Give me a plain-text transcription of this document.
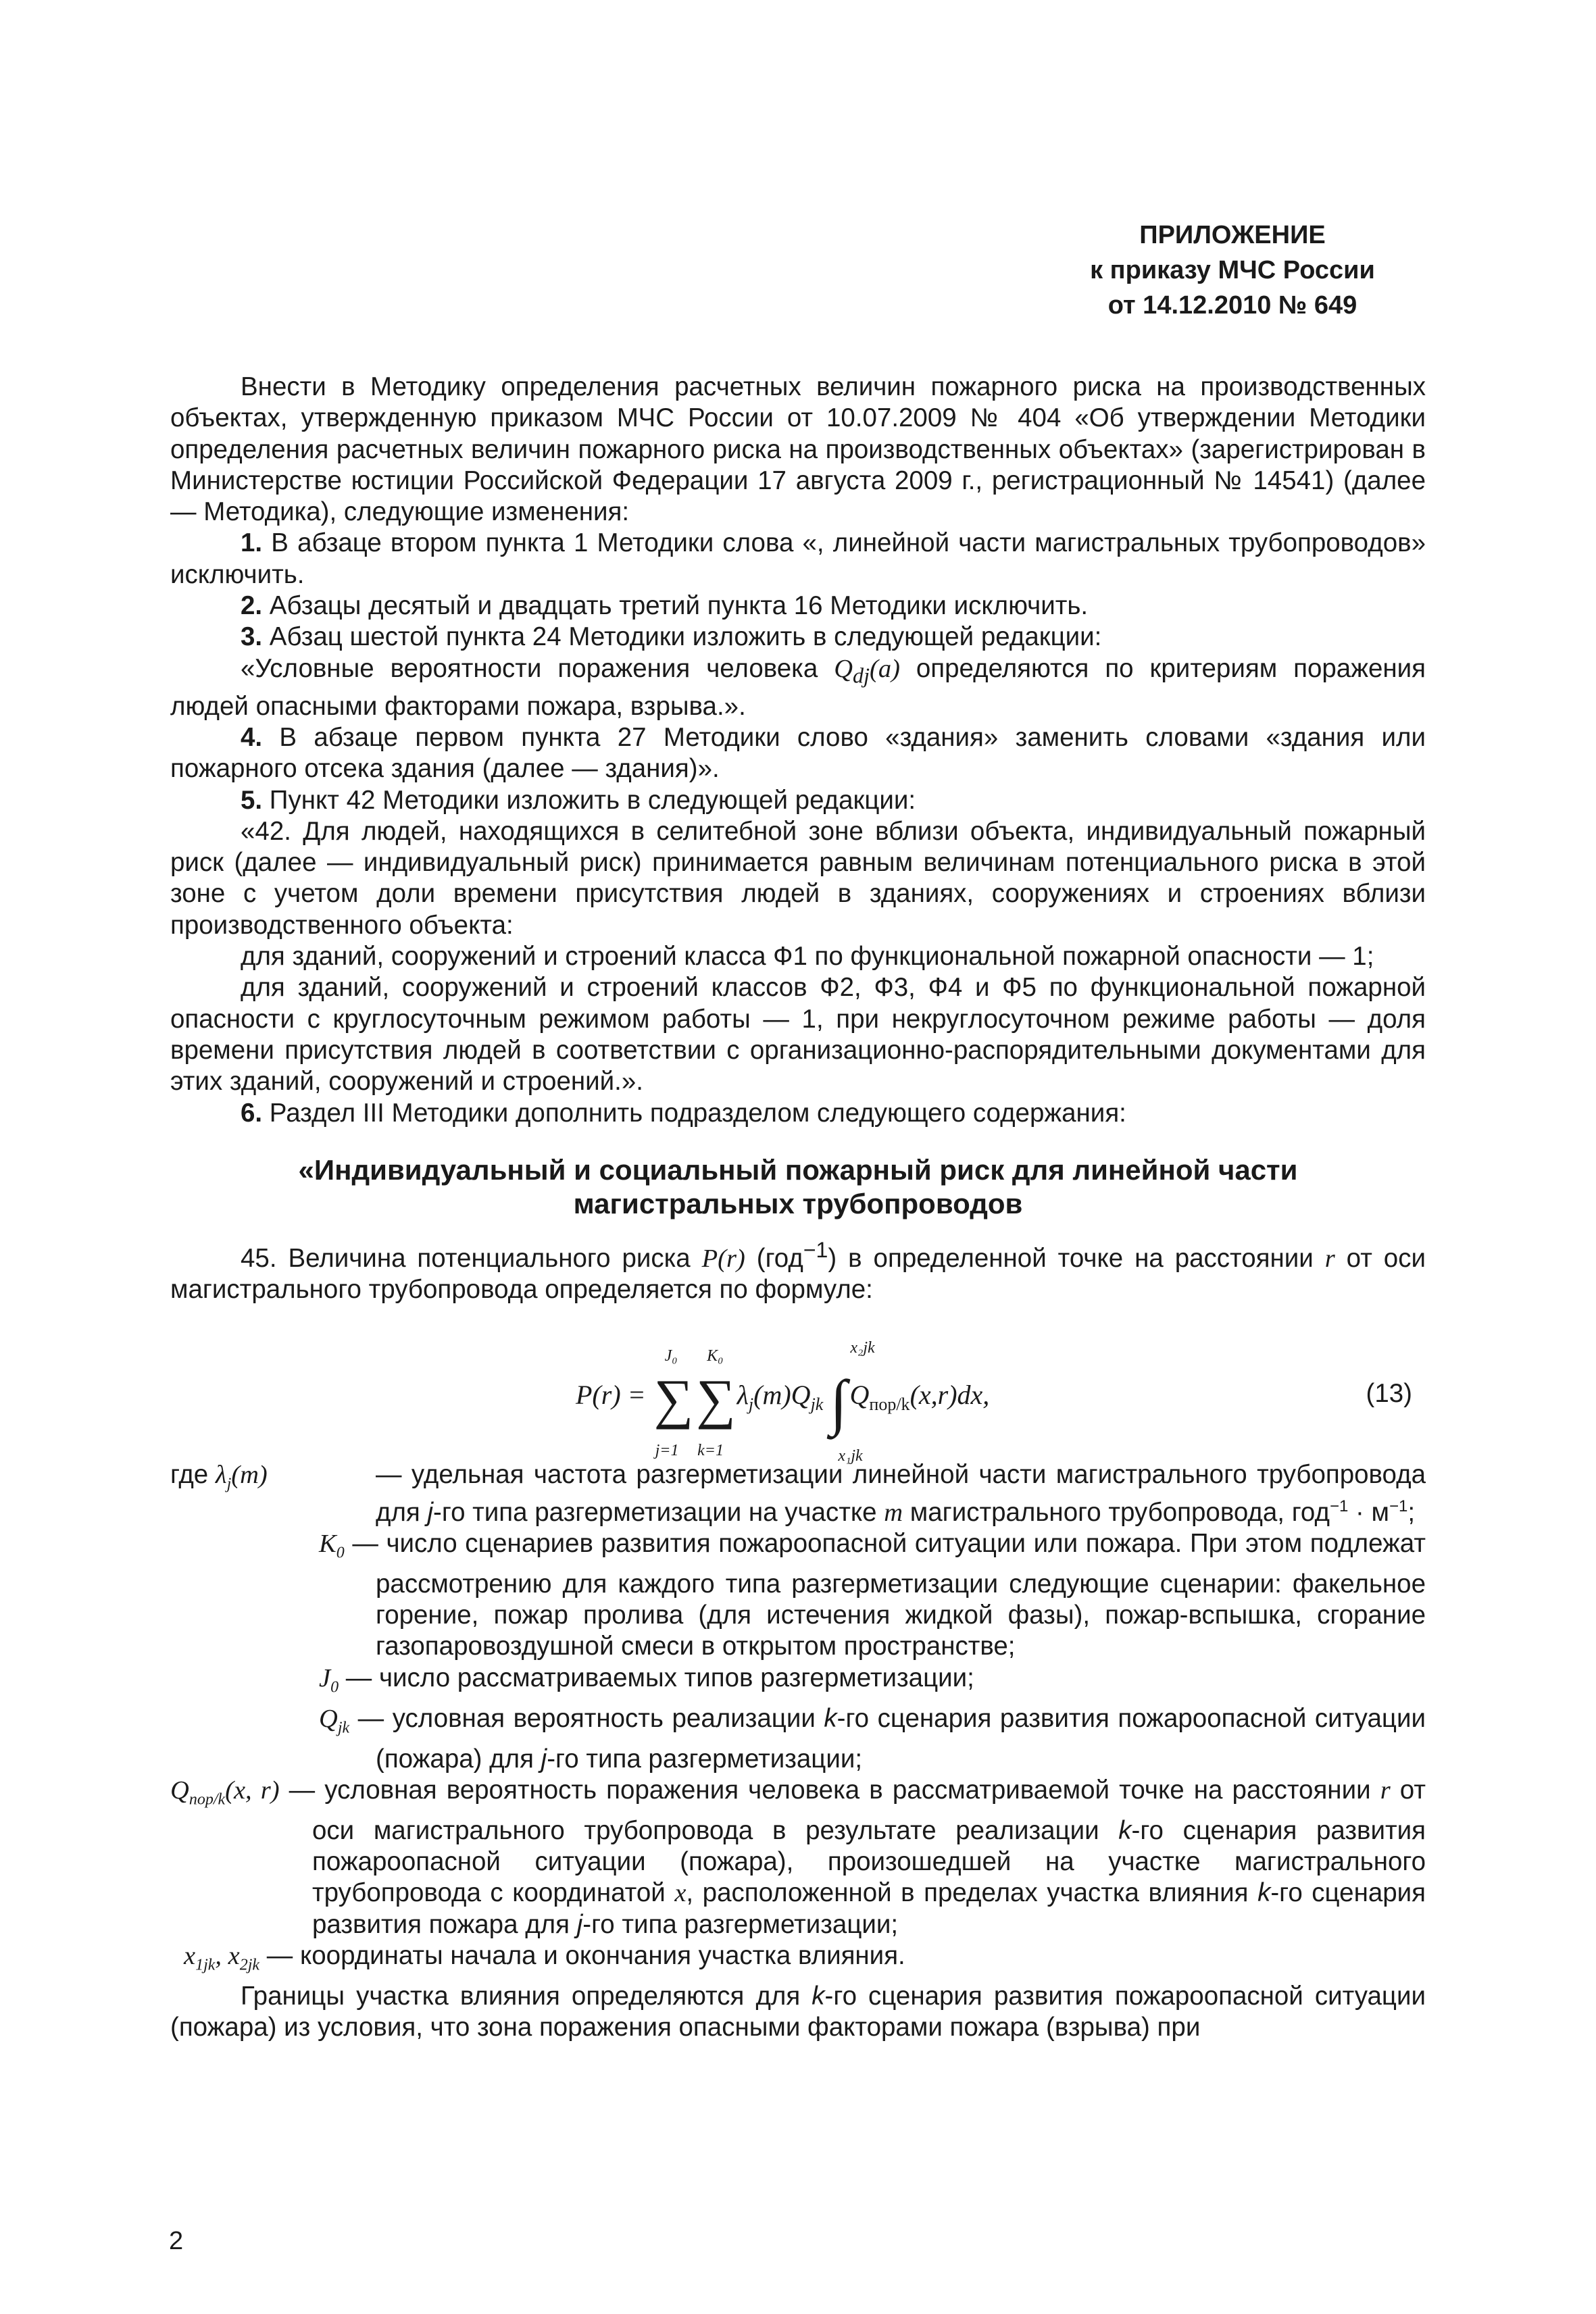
ПРИЛОЖЕНИЕ
к приказу МЧС России
от 14.12.2010 № 649

Внести в Методику определения расчетных величин пожарного риска на производственных объектах, утвержденную приказом МЧС России от 10.07.2009 № 404 «Об утверждении Методики определения расчетных величин пожарного риска на производственных объектах» (зарегистрирован в Министерстве юстиции Российской Федерации 17 августа 2009 г., регистрационный № 14541) (далее — Методика), следующие изменения:

1. В абзаце втором пункта 1 Методики слова «, линейной части магистральных трубопроводов» исключить.

2. Абзацы десятый и двадцать третий пункта 16 Методики исключить.

3. Абзац шестой пункта 24 Методики изложить в следующей редакции:

«Условные вероятности поражения человека $Q_{dj}(a)$ определяются по критериям поражения людей опасными факторами пожара, взрыва.».

4. В абзаце первом пункта 27 Методики слово «здания» заменить словами «здания или пожарного отсека здания (далее — здания)».

5. Пункт 42 Методики изложить в следующей редакции:

«42. Для людей, находящихся в селитебной зоне вблизи объекта, индивидуальный пожарный риск (далее — индивидуальный риск) принимается равным величинам потенциального риска в этой зоне с учетом доли времени присутствия людей в зданиях, сооружениях и строениях вблизи производственного объекта:

для зданий, сооружений и строений класса Ф1 по функциональной пожарной опасности — 1;

для зданий, сооружений и строений классов Ф2, Ф3, Ф4 и Ф5 по функциональной пожарной опасности с круглосуточным режимом работы — 1, при некруглосуточном режиме работы — доля времени присутствия людей в соответствии с организационно-распорядительными документами для этих зданий, сооружений и строений.».

6. Раздел III Методики дополнить подразделом следующего содержания:

«Индивидуальный и социальный пожарный риск для линейной части
магистральных трубопроводов

45. Величина потенциального риска P(r) (год$^{-1}$) в определенной точке на расстоянии r от оси магистрального трубопровода определяется по формуле:

P(r) =
J₀
∑
j=1
K₀
∑
k=1
$\lambda_j(m)Q_{jk}$
x₂jk
∫
x₁jk
$Q_{пор/k}(x,r)dx$,	(13)

где $\lambda_j(m)$	— удельная частота разгерметизации линейной части магистрального трубопровода для j-го типа разгерметизации на участке m магистрального трубопровода, $год^{-1} \cdot м^{-1}$;

$K_0$ — число сценариев развития пожароопасной ситуации или пожара. При этом подлежат рассмотрению для каждого типа разгерметизации следующие сценарии: факельное горение, пожар пролива (для истечения жидкой фазы), пожар-вспышка, сгорание газопаровоздушной смеси в открытом пространстве;

$J_0$ — число рассматриваемых типов разгерметизации;

$Q_{jk}$ — условная вероятность реализации k-го сценария развития пожароопасной ситуации (пожара) для j-го типа разгерметизации;

$Q_{пор/k}(x$, r) — условная вероятность поражения человека в рассматриваемой точке на расстоянии r от оси магистрального трубопровода в результате реализации k-го сценария развития пожароопасной ситуации (пожара), произошедшей на участке магистрального трубопровода с координатой x, расположенной в пределах участка влияния k-го сценария развития пожара для j-го типа разгерметизации;

$x_{1jk}$, $x_{2jk}$ — координаты начала и окончания участка влияния.

Границы участка влияния определяются для k-го сценария развития пожароопасной ситуации (пожара) из условия, что зона поражения опасными факторами пожара (взрыва) при

2
